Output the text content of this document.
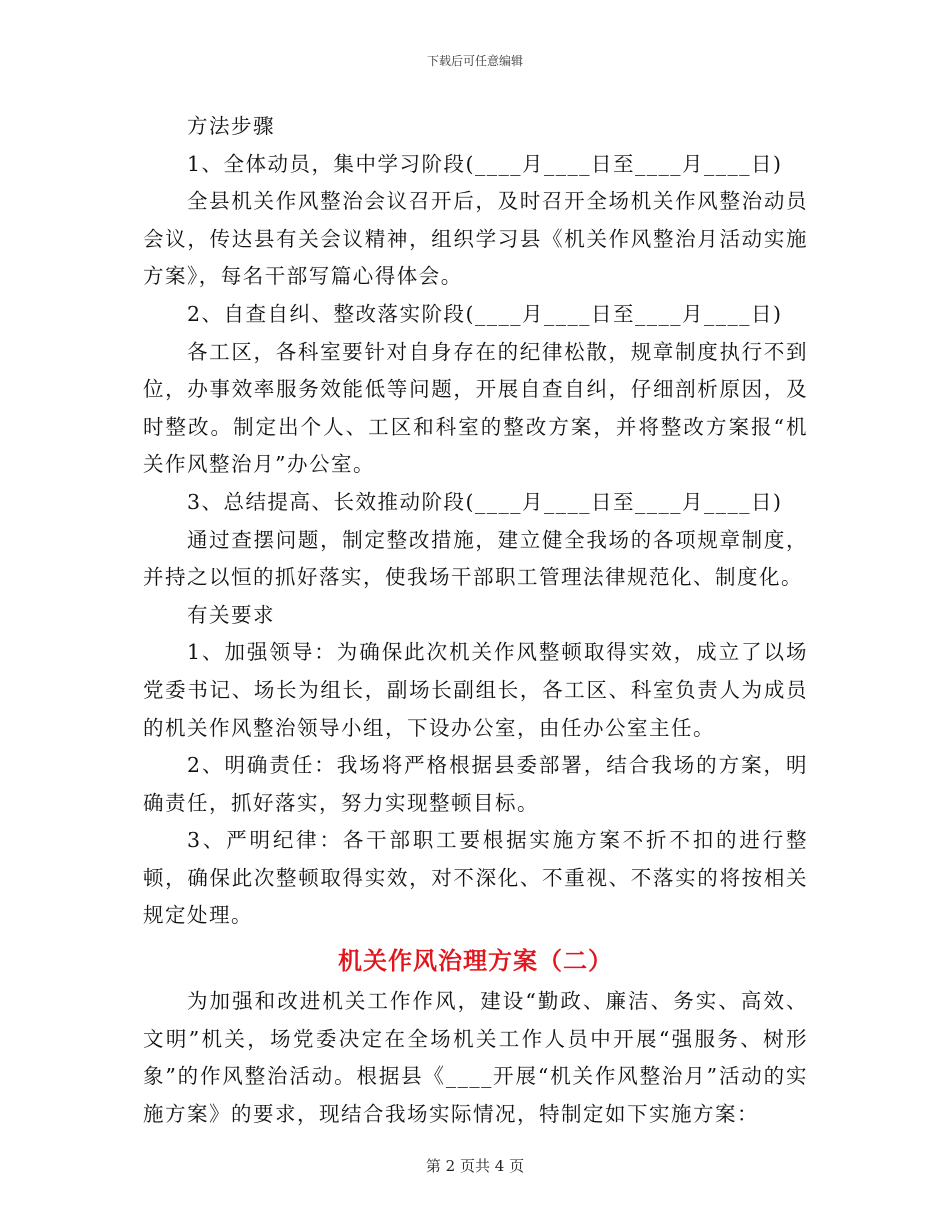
下载后可任意编辑

方法步骤

1、全体动员，集中学习阶段(____月____日至____月____日)

全县机关作风整治会议召开后，及时召开全场机关作风整治动员会议，传达县有关会议精神，组织学习县《机关作风整治月活动实施方案》，每名干部写篇心得体会。

2、自查自纠、整改落实阶段(____月____日至____月____日)

各工区，各科室要针对自身存在的纪律松散，规章制度执行不到位，办事效率服务效能低等问题，开展自查自纠，仔细剖析原因，及时整改。制定出个人、工区和科室的整改方案，并将整改方案报“机关作风整治月”办公室。

3、总结提高、长效推动阶段(____月____日至____月____日)

通过查摆问题，制定整改措施，建立健全我场的各项规章制度，并持之以恒的抓好落实，使我场干部职工管理法律规范化、制度化。

有关要求

1、加强领导：为确保此次机关作风整顿取得实效，成立了以场党委书记、场长为组长，副场长副组长，各工区、科室负责人为成员的机关作风整治领导小组，下设办公室，由任办公室主任。

2、明确责任：我场将严格根据县委部署，结合我场的方案，明确责任，抓好落实，努力实现整顿目标。

3、严明纪律：各干部职工要根据实施方案不折不扣的进行整顿，确保此次整顿取得实效，对不深化、不重视、不落实的将按相关规定处理。

机关作风治理方案（二）

为加强和改进机关工作作风，建设“勤政、廉洁、务实、高效、文明”机关，场党委决定在全场机关工作人员中开展“强服务、树形象”的作风整治活动。根据县《____开展“机关作风整治月”活动的实施方案》的要求，现结合我场实际情况，特制定如下实施方案：

第 2 页共 4 页
